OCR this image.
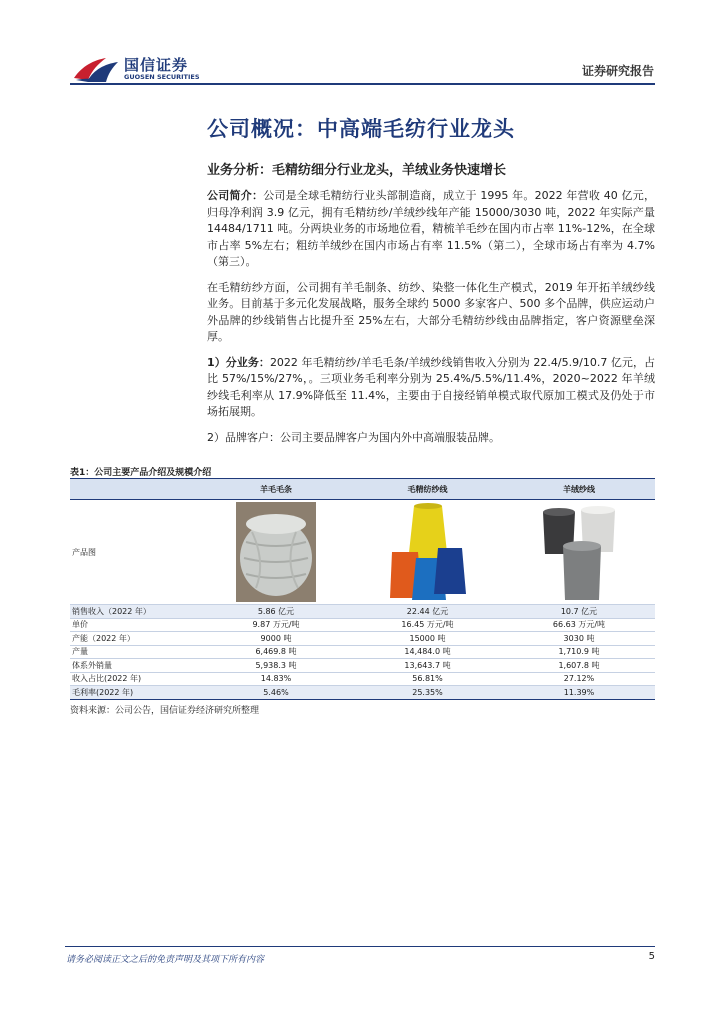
国信证券
GUOSEN SECURITIES	证券研究报告
公司概况：中高端毛纺行业龙头
业务分析：毛精纺细分行业龙头，羊绒业务快速增长

公司简介：公司是全球毛精纺行业头部制造商，成立于 1995 年。2022 年营收 40 亿元，归母净利润 3.9 亿元，拥有毛精纺纱/羊绒纱线年产能 15000/3030 吨，2022 年实际产量 14484/1711 吨。分两块业务的市场地位看，精梳羊毛纱在国内市占率 11%-12%，在全球市占率 5%左右；粗纺羊绒纱在国内市场占有率 11.5%（第二），全球市场占有率为 4.7%（第三）。

在毛精纺纱方面，公司拥有羊毛制条、纺纱、染整一体化生产模式，2019 年开拓羊绒纱线业务。目前基于多元化发展战略，服务全球约 5000 多家客户、500 多个品牌，供应运动户外品牌的纱线销售占比提升至 25%左右，大部分毛精纺纱线由品牌指定，客户资源壁垒深厚。

1）分业务：2022 年毛精纺纱/羊毛毛条/羊绒纱线销售收入分别为 22.4/5.9/10.7 亿元，占比 57%/15%/27%，。三项业务毛利率分别为 25.4%/5.5%/11.4%，2020~2022 年羊绒纱线毛利率从 17.9%降低至 11.4%，主要由于自接经销单模式取代原加工模式及仍处于市场拓展期。

2）品牌客户：公司主要品牌客户为国内外中高端服装品牌。

表1：公司主要产品介绍及规模介绍
	羊毛毛条	毛精纺纱线	羊绒纱线
产品图	

销售收入（2022 年）	5.86 亿元	22.44 亿元	10.7 亿元
单价	9.87 万元/吨	16.45 万元/吨	66.63 万元/吨
产能（2022 年）	9000 吨	15000 吨	3030 吨
产量	6,469.8 吨	14,484.0 吨	1,710.9 吨
体系外销量	5,938.3 吨	13,643.7 吨	1,607.8 吨
收入占比(2022 年)	14.83%	56.81%	27.12%
毛利率(2022 年)	5.46%	25.35%	11.39%
资料来源：公司公告，国信证券经济研究所整理
请务必阅读正文之后的免责声明及其项下所有内容	5
